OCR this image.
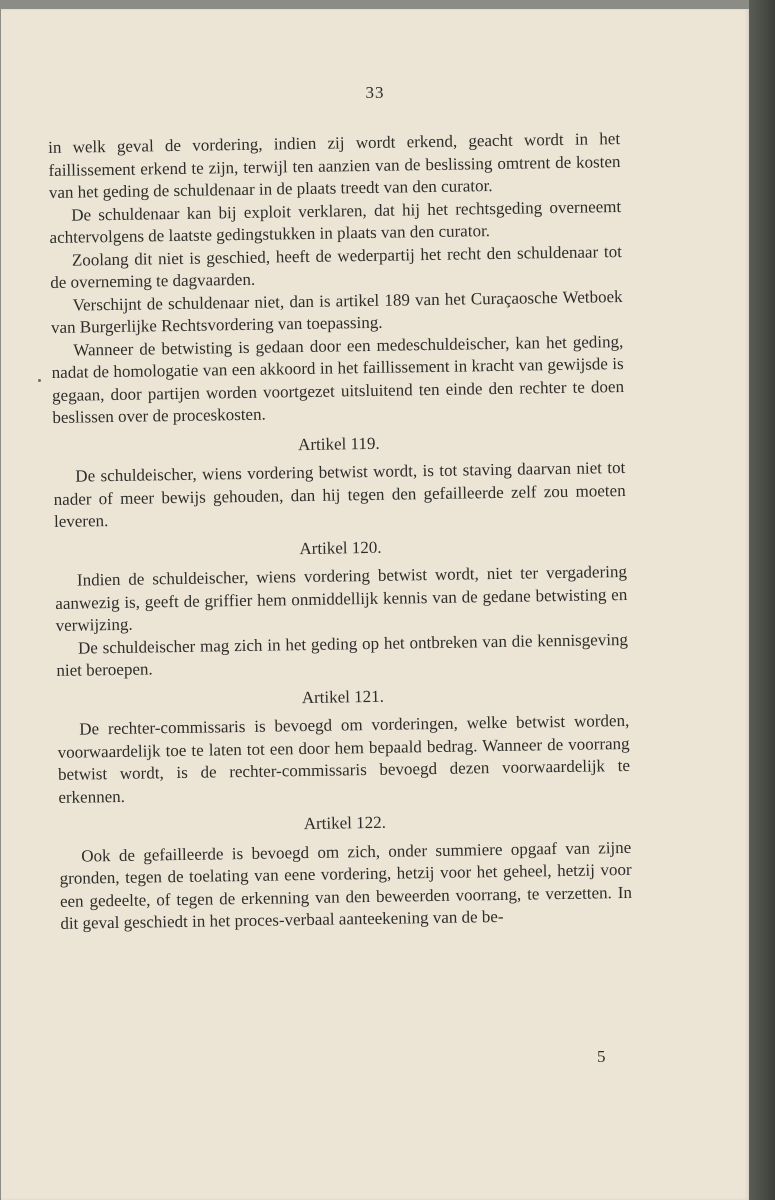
33

in welk geval de vordering, indien zij wordt erkend, geacht wordt in het faillissement erkend te zijn, terwijl ten aanzien van de beslissing omtrent de kosten van het geding de schuldenaar in de plaats treedt van den curator.

De schuldenaar kan bij exploit verklaren, dat hij het rechtsgeding overneemt achtervolgens de laatste gedingstukken in plaats van den curator.

Zoolang dit niet is geschied, heeft de wederpartij het recht den schuldenaar tot de overneming te dagvaarden.

Verschijnt de schuldenaar niet, dan is artikel 189 van het Curaçaosche Wetboek van Burgerlijke Rechtsvordering van toepassing.

Wanneer de betwisting is gedaan door een medeschuldeischer, kan het geding, nadat de homologatie van een akkoord in het faillissement in kracht van gewijsde is gegaan, door partijen worden voortgezet uitsluitend ten einde den rechter te doen beslissen over de proceskosten.

Artikel 119.

De schuldeischer, wiens vordering betwist wordt, is tot staving daarvan niet tot nader of meer bewijs gehouden, dan hij tegen den gefailleerde zelf zou moeten leveren.

Artikel 120.

Indien de schuldeischer, wiens vordering betwist wordt, niet ter vergadering aanwezig is, geeft de griffier hem onmiddellijk kennis van de gedane betwisting en verwijzing.

De schuldeischer mag zich in het geding op het ontbreken van die kennisgeving niet beroepen.

Artikel 121.

De rechter-commissaris is bevoegd om vorderingen, welke betwist worden, voorwaardelijk toe te laten tot een door hem bepaald bedrag. Wanneer de voorrang betwist wordt, is de rechter-commissaris bevoegd dezen voorwaardelijk te erkennen.

Artikel 122.

Ook de gefailleerde is bevoegd om zich, onder summiere opgaaf van zijne gronden, tegen de toelating van eene vordering, hetzij voor het geheel, hetzij voor een gedeelte, of tegen de erkenning van den beweerden voorrang, te verzetten. In dit geval geschiedt in het proces-verbaal aanteekening van de be-

5
